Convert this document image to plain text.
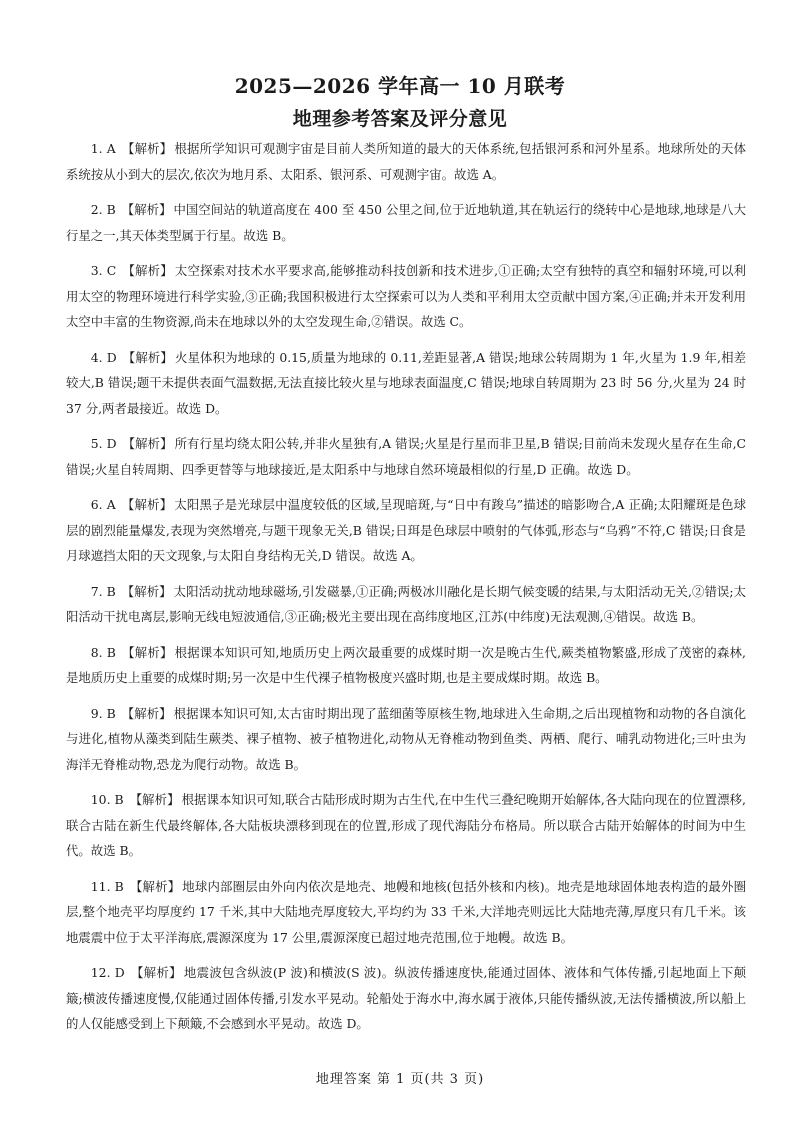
2025—2026 学年高一 10 月联考
地理参考答案及评分意见

1. A 【解析】 根据所学知识可观测宇宙是目前人类所知道的最大的天体系统,包括银河系和河外星系。地球所处的天体系统按从小到大的层次,依次为地月系、太阳系、银河系、可观测宇宙。故选 A。

2. B 【解析】 中国空间站的轨道高度在 400 至 450 公里之间,位于近地轨道,其在轨运行的绕转中心是地球,地球是八大行星之一,其天体类型属于行星。故选 B。

3. C 【解析】 太空探索对技术水平要求高,能够推动科技创新和技术进步,①正确;太空有独特的真空和辐射环境,可以利用太空的物理环境进行科学实验,③正确;我国积极进行太空探索可以为人类和平利用太空贡献中国方案,④正确;并未开发利用太空中丰富的生物资源,尚未在地球以外的太空发现生命,②错误。故选 C。

4. D 【解析】 火星体积为地球的 0.15,质量为地球的 0.11,差距显著,A 错误;地球公转周期为 1 年,火星为 1.9 年,相差较大,B 错误;题干未提供表面气温数据,无法直接比较火星与地球表面温度,C 错误;地球自转周期为 23 时 56 分,火星为 24 时 37 分,两者最接近。故选 D。

5. D 【解析】 所有行星均绕太阳公转,并非火星独有,A 错误;火星是行星而非卫星,B 错误;目前尚未发现火星存在生命,C 错误;火星自转周期、四季更替等与地球接近,是太阳系中与地球自然环境最相似的行星,D 正确。故选 D。

6. A 【解析】 太阳黑子是光球层中温度较低的区域,呈现暗斑,与“日中有踆乌”描述的暗影吻合,A 正确;太阳耀斑是色球层的剧烈能量爆发,表现为突然增亮,与题干现象无关,B 错误;日珥是色球层中喷射的气体弧,形态与“乌鸦”不符,C 错误;日食是月球遮挡太阳的天文现象,与太阳自身结构无关,D 错误。故选 A。

7. B 【解析】 太阳活动扰动地球磁场,引发磁暴,①正确;两极冰川融化是长期气候变暖的结果,与太阳活动无关,②错误;太阳活动干扰电离层,影响无线电短波通信,③正确;极光主要出现在高纬度地区,江苏(中纬度)无法观测,④错误。故选 B。

8. B 【解析】 根据课本知识可知,地质历史上两次最重要的成煤时期一次是晚古生代,蕨类植物繁盛,形成了茂密的森林,是地质历史上重要的成煤时期;另一次是中生代裸子植物极度兴盛时期,也是主要成煤时期。故选 B。

9. B 【解析】 根据课本知识可知,太古宙时期出现了蓝细菌等原核生物,地球进入生命期,之后出现植物和动物的各自演化与进化,植物从藻类到陆生蕨类、裸子植物、被子植物进化,动物从无脊椎动物到鱼类、两栖、爬行、哺乳动物进化;三叶虫为海洋无脊椎动物,恐龙为爬行动物。故选 B。

10. B 【解析】 根据课本知识可知,联合古陆形成时期为古生代,在中生代三叠纪晚期开始解体,各大陆向现在的位置漂移,联合古陆在新生代最终解体,各大陆板块漂移到现在的位置,形成了现代海陆分布格局。所以联合古陆开始解体的时间为中生代。故选 B。

11. B 【解析】 地球内部圈层由外向内依次是地壳、地幔和地核(包括外核和内核)。地壳是地球固体地表构造的最外圈层,整个地壳平均厚度约 17 千米,其中大陆地壳厚度较大,平均约为 33 千米,大洋地壳则远比大陆地壳薄,厚度只有几千米。该地震震中位于太平洋海底,震源深度为 17 公里,震源深度已超过地壳范围,位于地幔。故选 B。

12. D 【解析】 地震波包含纵波(P 波)和横波(S 波)。纵波传播速度快,能通过固体、液体和气体传播,引起地面上下颠簸;横波传播速度慢,仅能通过固体传播,引发水平晃动。轮船处于海水中,海水属于液体,只能传播纵波,无法传播横波,所以船上的人仅能感受到上下颠簸,不会感到水平晃动。故选 D。

地理答案 第 1 页(共 3 页)
